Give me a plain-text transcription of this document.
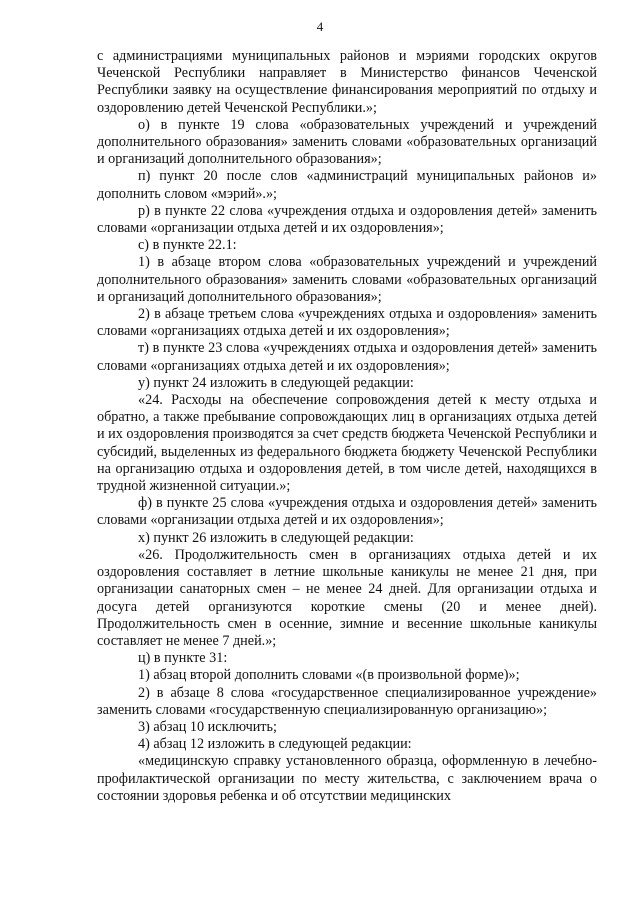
4

с администрациями муниципальных районов и мэриями городских округов Чеченской Республики направляет в Министерство финансов Чеченской Республики заявку на осуществление финансирования мероприятий по отдыху и оздоровлению детей Чеченской Республики.»;

о) в пункте 19 слова «образовательных учреждений и учреждений дополнительного образования» заменить словами «образовательных организаций и организаций дополнительного образования»;

п) пункт 20 после слов «администраций муниципальных районов и» дополнить словом «мэрий».»;

р) в пункте 22 слова «учреждения отдыха и оздоровления детей» заменить словами «организации отдыха детей и их оздоровления»;

с) в пункте 22.1:

1) в абзаце втором слова «образовательных учреждений и учреждений дополнительного образования» заменить словами «образовательных организаций и организаций дополнительного образования»;

2) в абзаце третьем слова «учреждениях отдыха и оздоровления» заменить словами «организациях отдыха детей и их оздоровления»;

т) в пункте 23 слова «учреждениях отдыха и оздоровления детей» заменить словами «организациях отдыха детей и их оздоровления»;

у) пункт 24 изложить в следующей редакции:

«24. Расходы на обеспечение сопровождения детей к месту отдыха и обратно, а также пребывание сопровождающих лиц в организациях отдыха детей и их оздоровления производятся за счет средств бюджета Чеченской Республики и субсидий, выделенных из федерального бюджета бюджету Чеченской Республики на организацию отдыха и оздоровления детей, в том числе детей, находящихся в трудной жизненной ситуации.»;

ф) в пункте 25 слова «учреждения отдыха и оздоровления детей» заменить словами «организации отдыха детей и их оздоровления»;

х) пункт 26 изложить в следующей редакции:

«26. Продолжительность смен в организациях отдыха детей и их оздоровления составляет в летние школьные каникулы не менее 21 дня, при организации санаторных смен – не менее 24 дней. Для организации отдыха и досуга детей организуются короткие смены (20 и менее дней). Продолжительность смен в осенние, зимние и весенние школьные каникулы составляет не менее 7 дней.»;

ц) в пункте 31:

1) абзац второй дополнить словами «(в произвольной форме)»;

2) в абзаце 8 слова «государственное специализированное учреждение» заменить словами «государственную специализированную организацию»;

3) абзац 10 исключить;

4) абзац 12 изложить в следующей редакции:

«медицинскую справку установленного образца, оформленную в лечебно-профилактической организации по месту жительства, с заключением врача о состоянии здоровья ребенка и об отсутствии медицинских
